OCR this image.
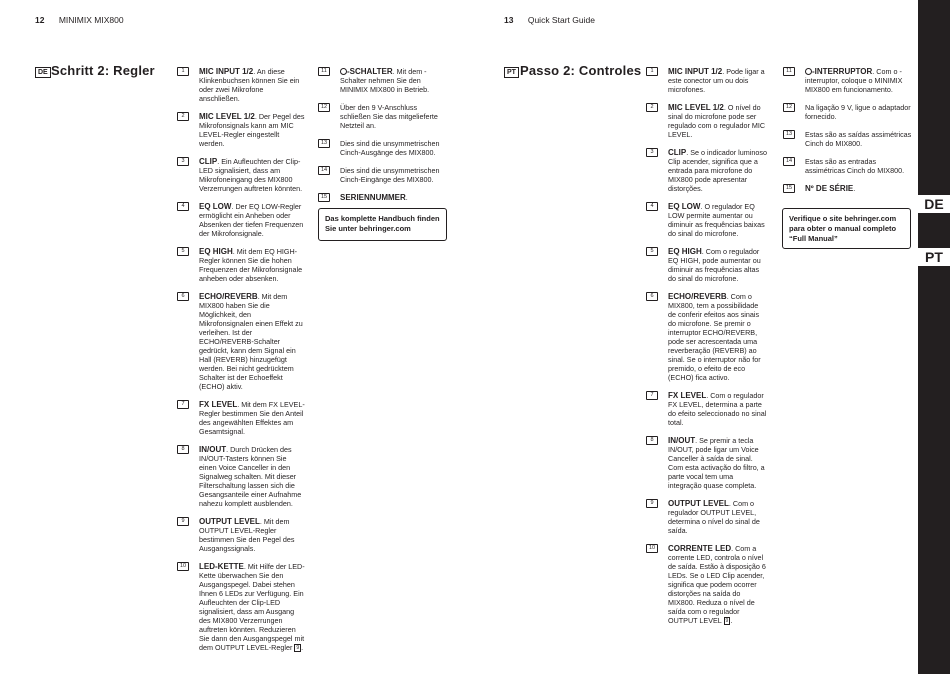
12 MINIMIX MIX800	13 Quick Start Guide
DE Schritt 2: Regler	PT Passo 2: Controles
1	MIC INPUT 1/2. An diese Klinkenbuchsen können Sie ein oder zwei Mikrofone anschließen.
2	MIC LEVEL 1/2. Der Pegel des Mikrofonsignals kann am MIC LEVEL-Regler eingestellt werden.
3	CLIP. Ein Aufleuchten der Clip-LED signalisiert, dass am Mikrofoneingang des MIX800 Verzerrungen auftreten könnten.
4	EQ LOW. Der EQ LOW-Regler ermöglicht ein Anheben oder Absenken der tiefen Frequenzen der Mikrofonsignale.
5	EQ HIGH. Mit dem EQ HIGH-Regler können Sie die hohen Frequenzen der Mikrofonsignale anheben oder absenken.
6	ECHO/REVERB. Mit dem MIX800 haben Sie die Möglichkeit, den Mikrofonsignalen einen Effekt zu verleihen. Ist der ECHO/REVERB-Schalter gedrückt, kann dem Signal ein Hall (REVERB) hinzugefügt werden. Bei nicht gedrücktem Schalter ist der Echoeffekt (ECHO) aktiv.
7	FX LEVEL. Mit dem FX LEVEL-Regler bestimmen Sie den Anteil des angewählten Effektes am Gesamtsignal.
8	IN/OUT. Durch Drücken des IN/OUT-Tasters können Sie einen Voice Canceller in den Signalweg schalten. Mit dieser Filterschaltung lassen sich die Gesangsanteile einer Aufnahme nahezu komplett ausblenden.
9	OUTPUT LEVEL. Mit dem OUTPUT LEVEL-Regler bestimmen Sie den Pegel des Ausgangssignals.
10	LED-KETTE. Mit Hilfe der LED-Kette überwachen Sie den Ausgangspegel. Dabei stehen Ihnen 6 LEDs zur Verfügung. Ein Aufleuchten der Clip-LED signalisiert, dass am Ausgang des MIX800 Verzerrungen auftreten könnten. Reduzieren Sie dann den Ausgangspegel mit dem OUTPUT LEVEL-Regler 9 .
11	-SCHALTER. Mit dem -Schalter nehmen Sie den MINIMIX MIX800 in Betrieb.
12	Über den 9 V-Anschluss schließen Sie das mitgelieferte Netzteil an.
13	Dies sind die unsymmetrischen Cinch-Ausgänge des MIX800.
14	Dies sind die unsymmetrischen Cinch-Eingänge des MIX800.
15	SERIENNUMMER.
1	MIC INPUT 1/2. Pode ligar a este conector um ou dois microfones.
2	MIC LEVEL 1/2. O nível do sinal do microfone pode ser regulado com o regulador MIC LEVEL.
3	CLIP. Se o indicador luminoso Clip acender, significa que a entrada para microfone do MIX800 pode apresentar distorções.
4	EQ LOW. O regulador EQ LOW permite aumentar ou diminuir as frequências baixas do sinal do microfone.
5	EQ HIGH. Com o regulador EQ HIGH, pode aumentar ou diminuir as frequências altas do sinal do microfone.
6	ECHO/REVERB. Com o MIX800, tem a possibilidade de conferir efeitos aos sinais do microfone. Se premir o interruptor ECHO/REVERB, pode ser acrescentada uma reverberação (REVERB) ao sinal. Se o interruptor não for premido, o efeito de eco (ECHO) fica activo.
7	FX LEVEL. Com o regulador FX LEVEL, determina a parte do efeito seleccionado no sinal total.
8	IN/OUT. Se premir a tecla IN/OUT, pode ligar um Voice Canceller à saída de sinal. Com esta activação do filtro, a parte vocal tem uma integração quase completa.
9	OUTPUT LEVEL. Com o regulador OUTPUT LEVEL, determina o nível do sinal de saída.
10	CORRENTE LED. Com a corrente LED, controla o nível de saída. Estão à disposição 6 LEDs. Se o LED Clip acender, significa que podem ocorrer distorções na saída do MIX800. Reduza o nível de saída com o regulador OUTPUT LEVEL 9 .
11	-INTERRUPTOR. Com o -interruptor, coloque o MINIMIX MIX800 em funcionamento.
12	Na ligação 9 V, ligue o adaptador fornecido.
13	Estas são as saídas assimétricas Cinch do MIX800.
14	Estas são as entradas assimétricas Cinch do MIX800.
15	Nº DE SÉRIE.
Das komplette Handbuch finden Sie unter behringer.com
Verifique o site behringer.com para obter o manual completo “Full Manual”
DE
PT
